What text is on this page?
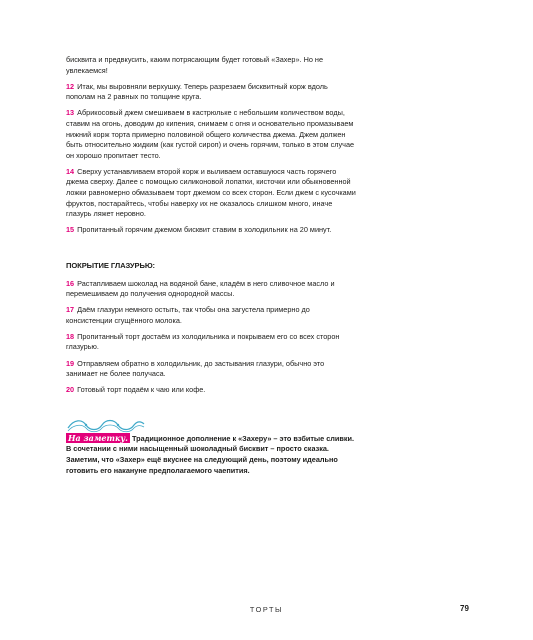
бисквита и предвкусить, каким потрясающим будет готовый «Захер». Но не увлекаемся!

12 Итак, мы выровняли верхушку. Теперь разрезаем бисквитный корж вдоль пополам на 2 равных по толщине круга.

13 Абрикосовый джем смешиваем в кастрюльке с небольшим количеством воды, ставим на огонь, доводим до кипения, снимаем с огня и основательно промазываем нижний корж торта примерно половиной общего количества джема. Джем должен быть относительно жидким (как густой сироп) и очень горячим, только в этом случае он хорошо пропитает тесто.

14 Сверху устанавливаем второй корж и выливаем оставшуюся часть горячего джема сверху. Далее с помощью силиконовой лопатки, кисточки или обыкновенной ложки равномерно обмазываем торт джемом со всех сторон. Если джем с кусочками фруктов, постарайтесь, чтобы наверху их не оказалось слишком много, иначе глазурь ляжет неровно.

15 Пропитанный горячим джемом бисквит ставим в холодильник на 20 минут.

ПОКРЫТИЕ ГЛАЗУРЬЮ:

16 Растапливаем шоколад на водяной бане, кладём в него сливочное масло и перемешиваем до получения однородной массы.

17 Даём глазури немного остыть, так чтобы она загустела примерно до консистенции сгущённого молока.

18 Пропитанный торт достаём из холодильника и покрываем его со всех сторон глазурью.

19 Отправляем обратно в холодильник, до застывания глазури, обычно это занимает не более получаса.

20 Готовый торт подаём к чаю или кофе.

На заметку. Традиционное дополнение к «Захеру» – это взбитые сливки. В сочетании с ними насыщенный шоколадный бисквит – просто сказка. Заметим, что «Захер» ещё вкуснее на следующий день, поэтому идеально готовить его накануне предполагаемого чаепития.

ТОРТЫ	79
